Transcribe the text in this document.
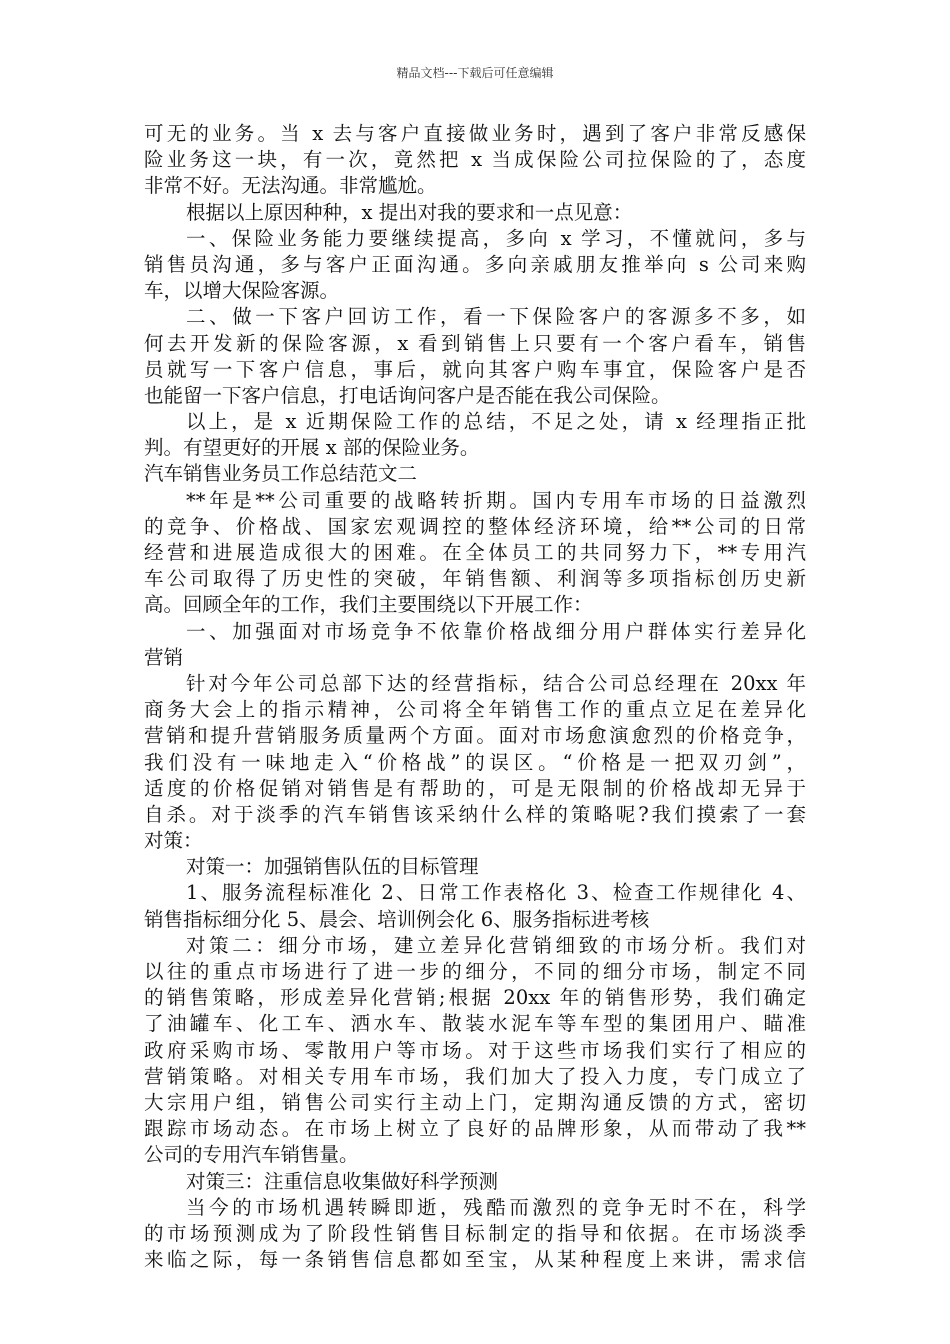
精品文档---下载后可任意编辑
可无的业务。当 x 去与客户直接做业务时，遇到了客户非常反感保
险业务这一块，有一次，竟然把 x 当成保险公司拉保险的了，态度
非常不好。无法沟通。非常尴尬。
根据以上原因种种，x 提出对我的要求和一点见意：
一、保险业务能力要继续提高，多向 x 学习，不懂就问，多与
销售员沟通，多与客户正面沟通。多向亲戚朋友推举向 s 公司来购
车，以增大保险客源。
二、做一下客户回访工作，看一下保险客户的客源多不多，如
何去开发新的保险客源，x 看到销售上只要有一个客户看车，销售
员就写一下客户信息，事后，就向其客户购车事宜，保险客户是否
也能留一下客户信息，打电话询问客户是否能在我公司保险。
以上，是 x 近期保险工作的总结，不足之处，请 x 经理指正批
判。有望更好的开展 x 部的保险业务。
汽车销售业务员工作总结范文二
**年是**公司重要的战略转折期。国内专用车市场的日益激烈
的竞争、价格战、国家宏观调控的整体经济环境，给**公司的日常
经营和进展造成很大的困难。在全体员工的共同努力下，**专用汽
车公司取得了历史性的突破，年销售额、利润等多项指标创历史新
高。回顾全年的工作，我们主要围绕以下开展工作：
一、加强面对市场竞争不依靠价格战细分用户群体实行差异化
营销
针对今年公司总部下达的经营指标，结合公司总经理在 20xx 年
商务大会上的指示精神，公司将全年销售工作的重点立足在差异化
营销和提升营销服务质量两个方面。面对市场愈演愈烈的价格竞争，
我们没有一味地走入“价格战”的误区。“价格是一把双刃剑”，
适度的价格促销对销售是有帮助的，可是无限制的价格战却无异于
自杀。对于淡季的汽车销售该采纳什么样的策略呢?我们摸索了一套
对策：
对策一：加强销售队伍的目标管理
1、服务流程标准化 2、日常工作表格化 3、检查工作规律化 4、
销售指标细分化 5、晨会、培训例会化 6、服务指标进考核
对策二：细分市场，建立差异化营销细致的市场分析。我们对
以往的重点市场进行了进一步的细分，不同的细分市场，制定不同
的销售策略，形成差异化营销;根据 20xx 年的销售形势，我们确定
了油罐车、化工车、洒水车、散装水泥车等车型的集团用户、瞄准
政府采购市场、零散用户等市场。对于这些市场我们实行了相应的
营销策略。对相关专用车市场，我们加大了投入力度，专门成立了
大宗用户组，销售公司实行主动上门，定期沟通反馈的方式，密切
跟踪市场动态。在市场上树立了良好的品牌形象，从而带动了我**
公司的专用汽车销售量。
对策三：注重信息收集做好科学预测
当今的市场机遇转瞬即逝，残酷而激烈的竞争无时不在，科学
的市场预测成为了阶段性销售目标制定的指导和依据。在市场淡季
来临之际，每一条销售信息都如至宝，从某种程度上来讲，需求信
